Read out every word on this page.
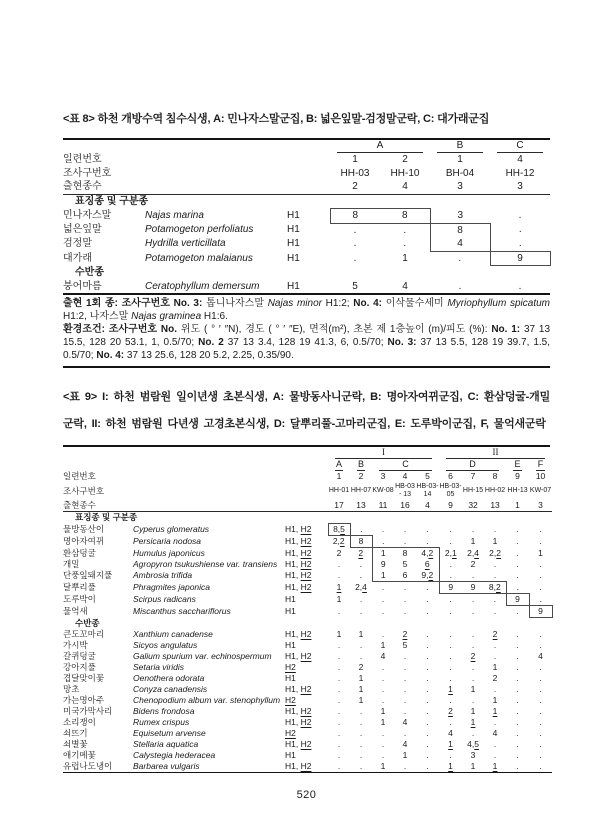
<표 8> 하천 개방수역 침수식생, A: 민나자스말군집, B: 넓은잎말-검정말군락, C: 대가래군집

			A		B	C

일련번호			1	2	1	4
조사구번호			HH-03	HH-10	BH-04	HH-12
출현종수			2	4	3	3
표징종 및 구분종						
민나자스말	Najas marina	H1	8	8	3	.
넓은잎말	Potamogeton perfoliatus	H1	.	.	8	.
검정말	Hydrilla verticillata	H1	.	.	4	.
대가래	Potamogeton malaianus	H1	.	1	.	9
수반종						
붕어마름	Ceratophyllum demersum	H1	5	4	.	.

출현 1회 종: 조사구번호 No. 3: 톱니나자스말 Najas minor H1:2; No. 4: 이삭물수세미 Myriophyllum spicatum H1:2, 나자스말 Najas graminea H1:6.

환경조건: 조사구번호 No. 위도 ( ° ′ ″N), 경도 ( ° ′ ″E), 면적(m²), 초본 제 1층높이 (m)/피도 (%): No. 1: 37 13 15.5, 128 20 53.1, 1, 0.5/70; No. 2 37 13 3.4, 128 19 41.3, 6, 0.5/70; No. 3: 37 13 5.5, 128 19 39.7, 1.5, 0.5/70; No. 4: 37 13 25.6, 128 20 5.2, 2.25, 0.35/90.

<표 9> I: 하천 범람원 일이년생 초본식생, A: 물방동사니군락, B: 명아자여뀌군집, C: 환삼덩굴-개밀군락, II: 하천 범람원 다년생 고경초본식생, D: 달뿌리풀-고마리군집, E: 도루박이군집, F, 물억새군락

			I					II				

			A	B	C			D			E	F

일련번호			1	2	3	4	5	6	7	8	9	10
조사구번호			HH-01	HH-07	KW-08	HB-03- 13	HB-03- 14	HB-03- 05	HH-15	HH-02	HH-13	KW-07
출현종수			17	13	11	16	4	9	32	13	1	3
표징종 및 구분종												
물방동산이	Cyperus glomeratus	H1, H2	8,5	.	.	.	.	.	.	.	.	.
명아자여뀌	Persicaria nodosa	H1, H2	2,2	8	.	.	.	.	1	1	.	.
환삼덩굴	Humulus japonicus	H1, H2	2	2	1	8	4,2	2,1	2,4	2,2	.	1
개밀	Agropyron tsukushiense var. transiens	H1, H2	.	.	9	5	6	.	2	.	.	.
단풍잎돼지풀	Ambrosia trifida	H1, H2	.	.	1	6	9,2	.	.	.	.	.
달뿌리풀	Phragmites japonica	H1, H2	1	2,4	.	.	.	9	9	8,2	.	.
도루박이	Scirpus radicans	H1	1	.	.	.	.	.	.	.	9	.
물억새	Miscanthus sacchariflorus	H1	.	.	.	.	.	.	.	.	.	9
수반종												
큰도꼬마리	Xanthium canadense	H1, H2	1	1	.	2	.	.	.	2	.	.
가시박	Sicyos angulatus	H1	.	.	1	5	.	.	.	.	.	.
갈퀴덩굴	Galium spurium var. echinospermum	H1, H2	.	.	4	.	.	.	2	.	.	4
강아지풀	Setaria viridis	H2	.	2	.	.	.	.	.	1	.	.
겹달맞이꽃	Oenothera odorata	H1	.	1	.	.	.	.	.	2	.	.
망초	Conyza canadensis	H1, H2	.	1	.	.	.	1	1	.	.	.
가는명아주	Chenopodium album var. stenophyllum	H2	.	1	.	.	.	.	.	1	.	.
미국가막사리	Bidens frondosa	H1, H2	.	.	1	.	.	2	1	1	.	.
소리쟁이	Rumex crispus	H1, H2	.	.	1	4	.	.	1	.	.	.
쇠뜨기	Equisetum arvense	H2	.	.	.	.	.	4	.	4	.	.
쇠별꽃	Stellaria aquatica	H1, H2	.	.	.	4	.	1	4,5	.	.	.
애기메꽃	Calystegia hederacea	H1	.	.	.	1	.	.	3	.	.	.
유럽나도냉이	Barbarea vulgaris	H1, H2	.	.	1	.	.	1	1	1	.	.
520
